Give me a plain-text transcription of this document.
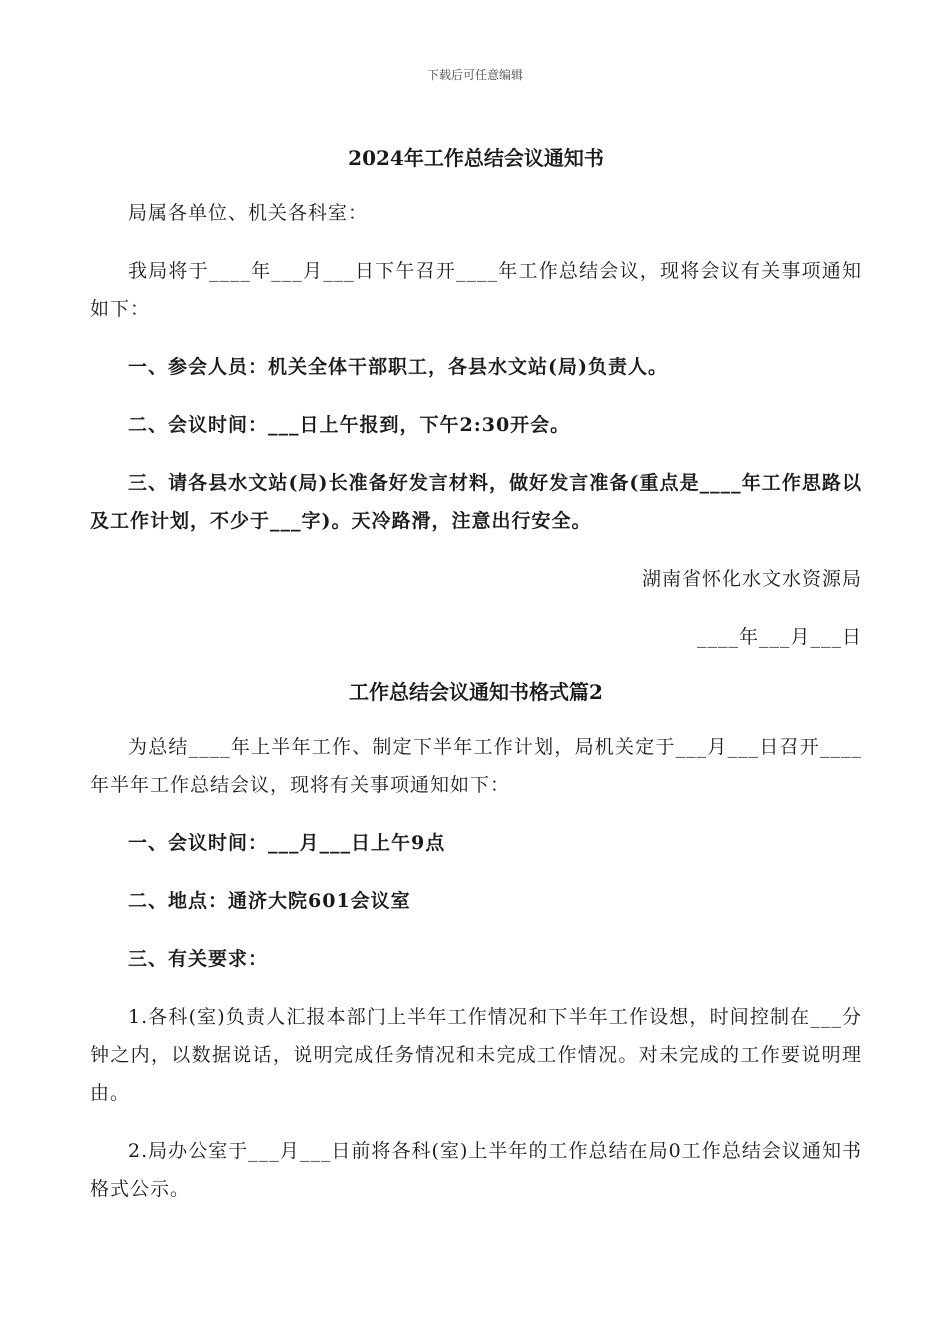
下载后可任意编辑
2024年工作总结会议通知书

局属各单位、机关各科室：

我局将于____年___月___日下午召开____年工作总结会议，现将会议有关事项通知如下：

一、参会人员：机关全体干部职工，各县水文站(局)负责人。

二、会议时间：___日上午报到，下午2:30开会。

三、请各县水文站(局)长准备好发言材料，做好发言准备(重点是____年工作思路以及工作计划，不少于___字)。天冷路滑，注意出行安全。

湖南省怀化水文水资源局

____年___月___日

工作总结会议通知书格式篇2

为总结____年上半年工作、制定下半年工作计划，局机关定于___月___日召开____年半年工作总结会议，现将有关事项通知如下：

一、会议时间：___月___日上午9点

二、地点：通济大院601会议室

三、有关要求：

1.各科(室)负责人汇报本部门上半年工作情况和下半年工作设想，时间控制在___分钟之内，以数据说话，说明完成任务情况和未完成工作情况。对未完成的工作要说明理由。

2.局办公室于___月___日前将各科(室)上半年的工作总结在局0工作总结会议通知书格式公示。
